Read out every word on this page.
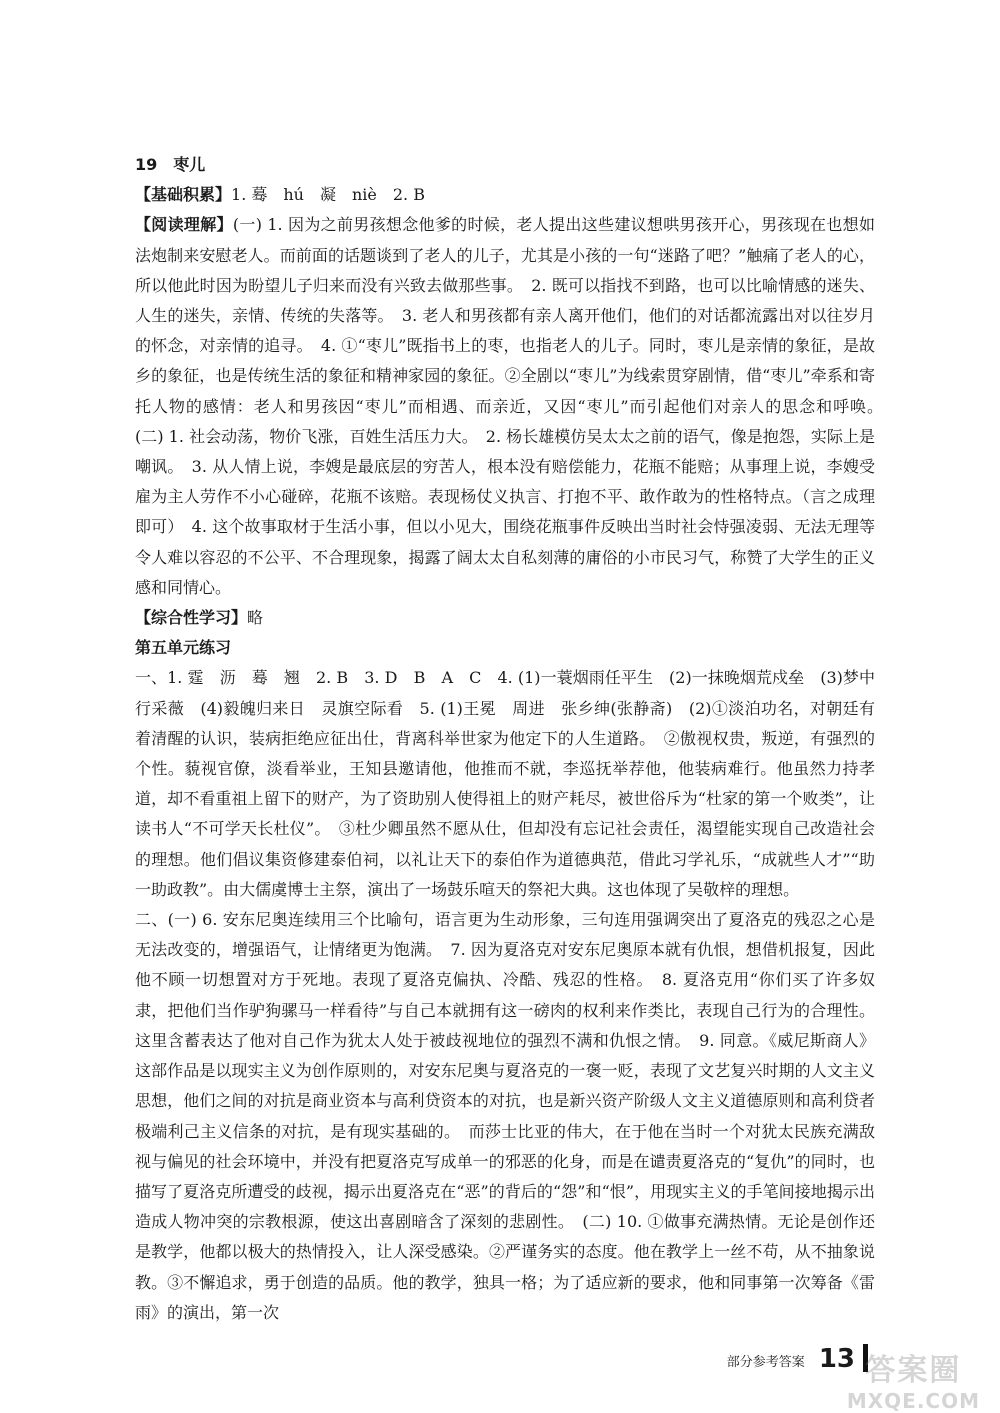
19　枣儿

【基础积累】1. 蓦　hú　凝　niè　2. B

【阅读理解】(一) 1. 因为之前男孩想念他爹的时候，老人提出这些建议想哄男孩开心，男孩现在也想如法炮制来安慰老人。而前面的话题谈到了老人的儿子，尤其是小孩的一句“迷路了吧？”触痛了老人的心，所以他此时因为盼望儿子归来而没有兴致去做那些事。　2. 既可以指找不到路，也可以比喻情感的迷失、人生的迷失，亲情、传统的失落等。　3. 老人和男孩都有亲人离开他们，他们的对话都流露出对以往岁月的怀念，对亲情的追寻。　4. ①“枣儿”既指书上的枣，也指老人的儿子。同时，枣儿是亲情的象征，是故乡的象征，也是传统生活的象征和精神家园的象征。②全剧以“枣儿”为线索贯穿剧情，借“枣儿”牵系和寄托人物的感情：老人和男孩因“枣儿”而相遇、而亲近，又因“枣儿”而引起他们对亲人的思念和呼唤。　(二) 1. 社会动荡，物价飞涨，百姓生活压力大。　2. 杨长雄模仿吴太太之前的语气，像是抱怨，实际上是嘲讽。　3. 从人情上说，李嫂是最底层的穷苦人，根本没有赔偿能力，花瓶不能赔；从事理上说，李嫂受雇为主人劳作不小心碰碎，花瓶不该赔。表现杨仗义执言、打抱不平、敢作敢为的性格特点。（言之成理即可）　4. 这个故事取材于生活小事，但以小见大，围绕花瓶事件反映出当时社会恃强凌弱、无法无理等令人难以容忍的不公平、不合理现象，揭露了阔太太自私刻薄的庸俗的小市民习气，称赞了大学生的正义感和同情心。

【综合性学习】略

第五单元练习

一、1. 霆　沥　蓦　翘　2. B　3. D　B　A　C　4. (1)一蓑烟雨任平生　(2)一抹晚烟荒戍垒　(3)梦中行采薇　(4)毅魄归来日　灵旗空际看　5. (1)王冕　周进　张乡绅(张静斋)　(2)①淡泊功名，对朝廷有着清醒的认识，装病拒绝应征出仕，背离科举世家为他定下的人生道路。　②傲视权贵，叛逆，有强烈的个性。藐视官僚，淡看举业，王知县邀请他，他推而不就，李巡抚举荐他，他装病难行。他虽然力持孝道，却不看重祖上留下的财产，为了资助别人使得祖上的财产耗尽，被世俗斥为“杜家的第一个败类”，让读书人“不可学天长杜仪”。　③杜少卿虽然不愿从仕，但却没有忘记社会责任，渴望能实现自己改造社会的理想。他们倡议集资修建泰伯祠，以礼让天下的泰伯作为道德典范，借此习学礼乐，“成就些人才”“助一助政教”。由大儒虞博士主祭，演出了一场鼓乐喧天的祭祀大典。这也体现了吴敬梓的理想。

二、(一) 6. 安东尼奥连续用三个比喻句，语言更为生动形象，三句连用强调突出了夏洛克的残忍之心是无法改变的，增强语气，让情绪更为饱满。　7. 因为夏洛克对安东尼奥原本就有仇恨，想借机报复，因此他不顾一切想置对方于死地。表现了夏洛克偏执、冷酷、残忍的性格。　8. 夏洛克用“你们买了许多奴隶，把他们当作驴狗骡马一样看待”与自己本就拥有这一磅肉的权利来作类比，表现自己行为的合理性。这里含蓄表达了他对自己作为犹太人处于被歧视地位的强烈不满和仇恨之情。　9. 同意。《威尼斯商人》这部作品是以现实主义为创作原则的，对安东尼奥与夏洛克的一褒一贬，表现了文艺复兴时期的人文主义思想，他们之间的对抗是商业资本与高利贷资本的对抗，也是新兴资产阶级人文主义道德原则和高利贷者极端利己主义信条的对抗，是有现实基础的。　而莎士比亚的伟大，在于他在当时一个对犹太民族充满敌视与偏见的社会环境中，并没有把夏洛克写成单一的邪恶的化身，而是在谴责夏洛克的“复仇”的同时，也描写了夏洛克所遭受的歧视，揭示出夏洛克在“恶”的背后的“怨”和“恨”，用现实主义的手笔间接地揭示出造成人物冲突的宗教根源，使这出喜剧暗含了深刻的悲剧性。　(二) 10. ①做事充满热情。无论是创作还是教学，他都以极大的热情投入，让人深受感染。②严谨务实的态度。他在教学上一丝不苟，从不抽象说教。③不懈追求，勇于创造的品质。他的教学，独具一格；为了适应新的要求，他和同事第一次筹备《雷雨》的演出，第一次

部分参考答案 13 答案圈
MXQE.COM
